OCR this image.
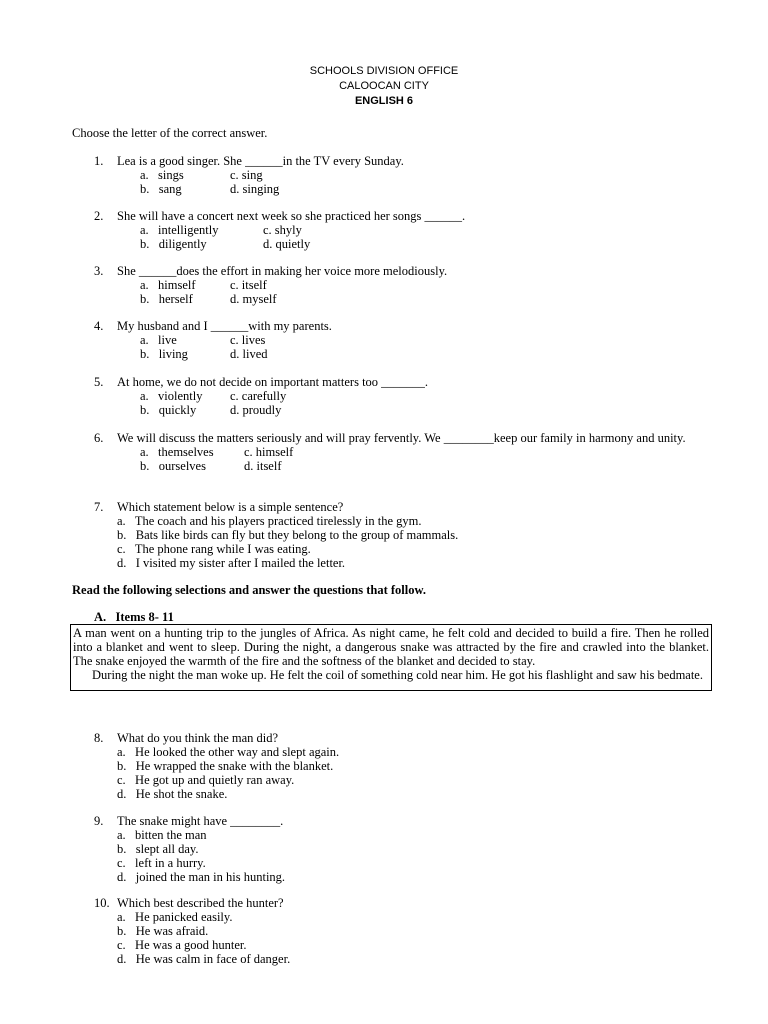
SCHOOLS DIVISION OFFICE
CALOOCAN CITY
ENGLISH 6
Choose the letter of the correct answer.
1.	Lea is a good singer. She ______in the TV every Sunday.
a.   sings	c. sing
b.   sang	d. singing
2.	She will have a concert next week so she practiced her songs ______.
a.   intelligently	c. shyly
b.   diligently	d. quietly
3.	She ______does the effort in making her voice more melodiously.
a.   himself	c. itself
b.   herself	d. myself
4.	My husband and I ______with my parents.
a.   live	c. lives
b.   living	d. lived
5.	At home, we do not decide on important matters too _______.
a.   violently	c. carefully
b.   quickly	d. proudly
6.	We will discuss the matters seriously and will pray fervently. We ________keep our family in harmony and unity.
a.   themselves	c. himself
b.   ourselves	d. itself
7.	Which statement below is a simple sentence?
a.   The coach and his players practiced tirelessly in the gym.
b.   Bats like birds can fly but they belong to the group of mammals.
c.   The phone rang while I was eating.
d.   I visited my sister after I mailed the letter.
Read the following selections and answer the questions that follow.
A.   Items 8- 11

A man went on a hunting trip to the jungles of Africa. As night came, he felt cold and decided to build a fire. Then he rolled into a blanket and went to sleep. During the night, a dangerous snake was attracted by the fire and crawled into the blanket. The snake enjoyed the warmth of the fire and the softness of the blanket and decided to stay.

During the night the man woke up. He felt the coil of something cold near him. He got his flashlight and saw his bedmate.

8.	What do you think the man did?
a.   He looked the other way and slept again.
b.   He wrapped the snake with the blanket.
c.   He got up and quietly ran away.
d.   He shot the snake.
9.	The snake might have ________.
a.   bitten the man
b.   slept all day.
c.   left in a hurry.
d.   joined the man in his hunting.
10. Which best described the hunter?
a.   He panicked easily.
b.   He was afraid.
c.   He was a good hunter.
d.   He was calm in face of danger.
